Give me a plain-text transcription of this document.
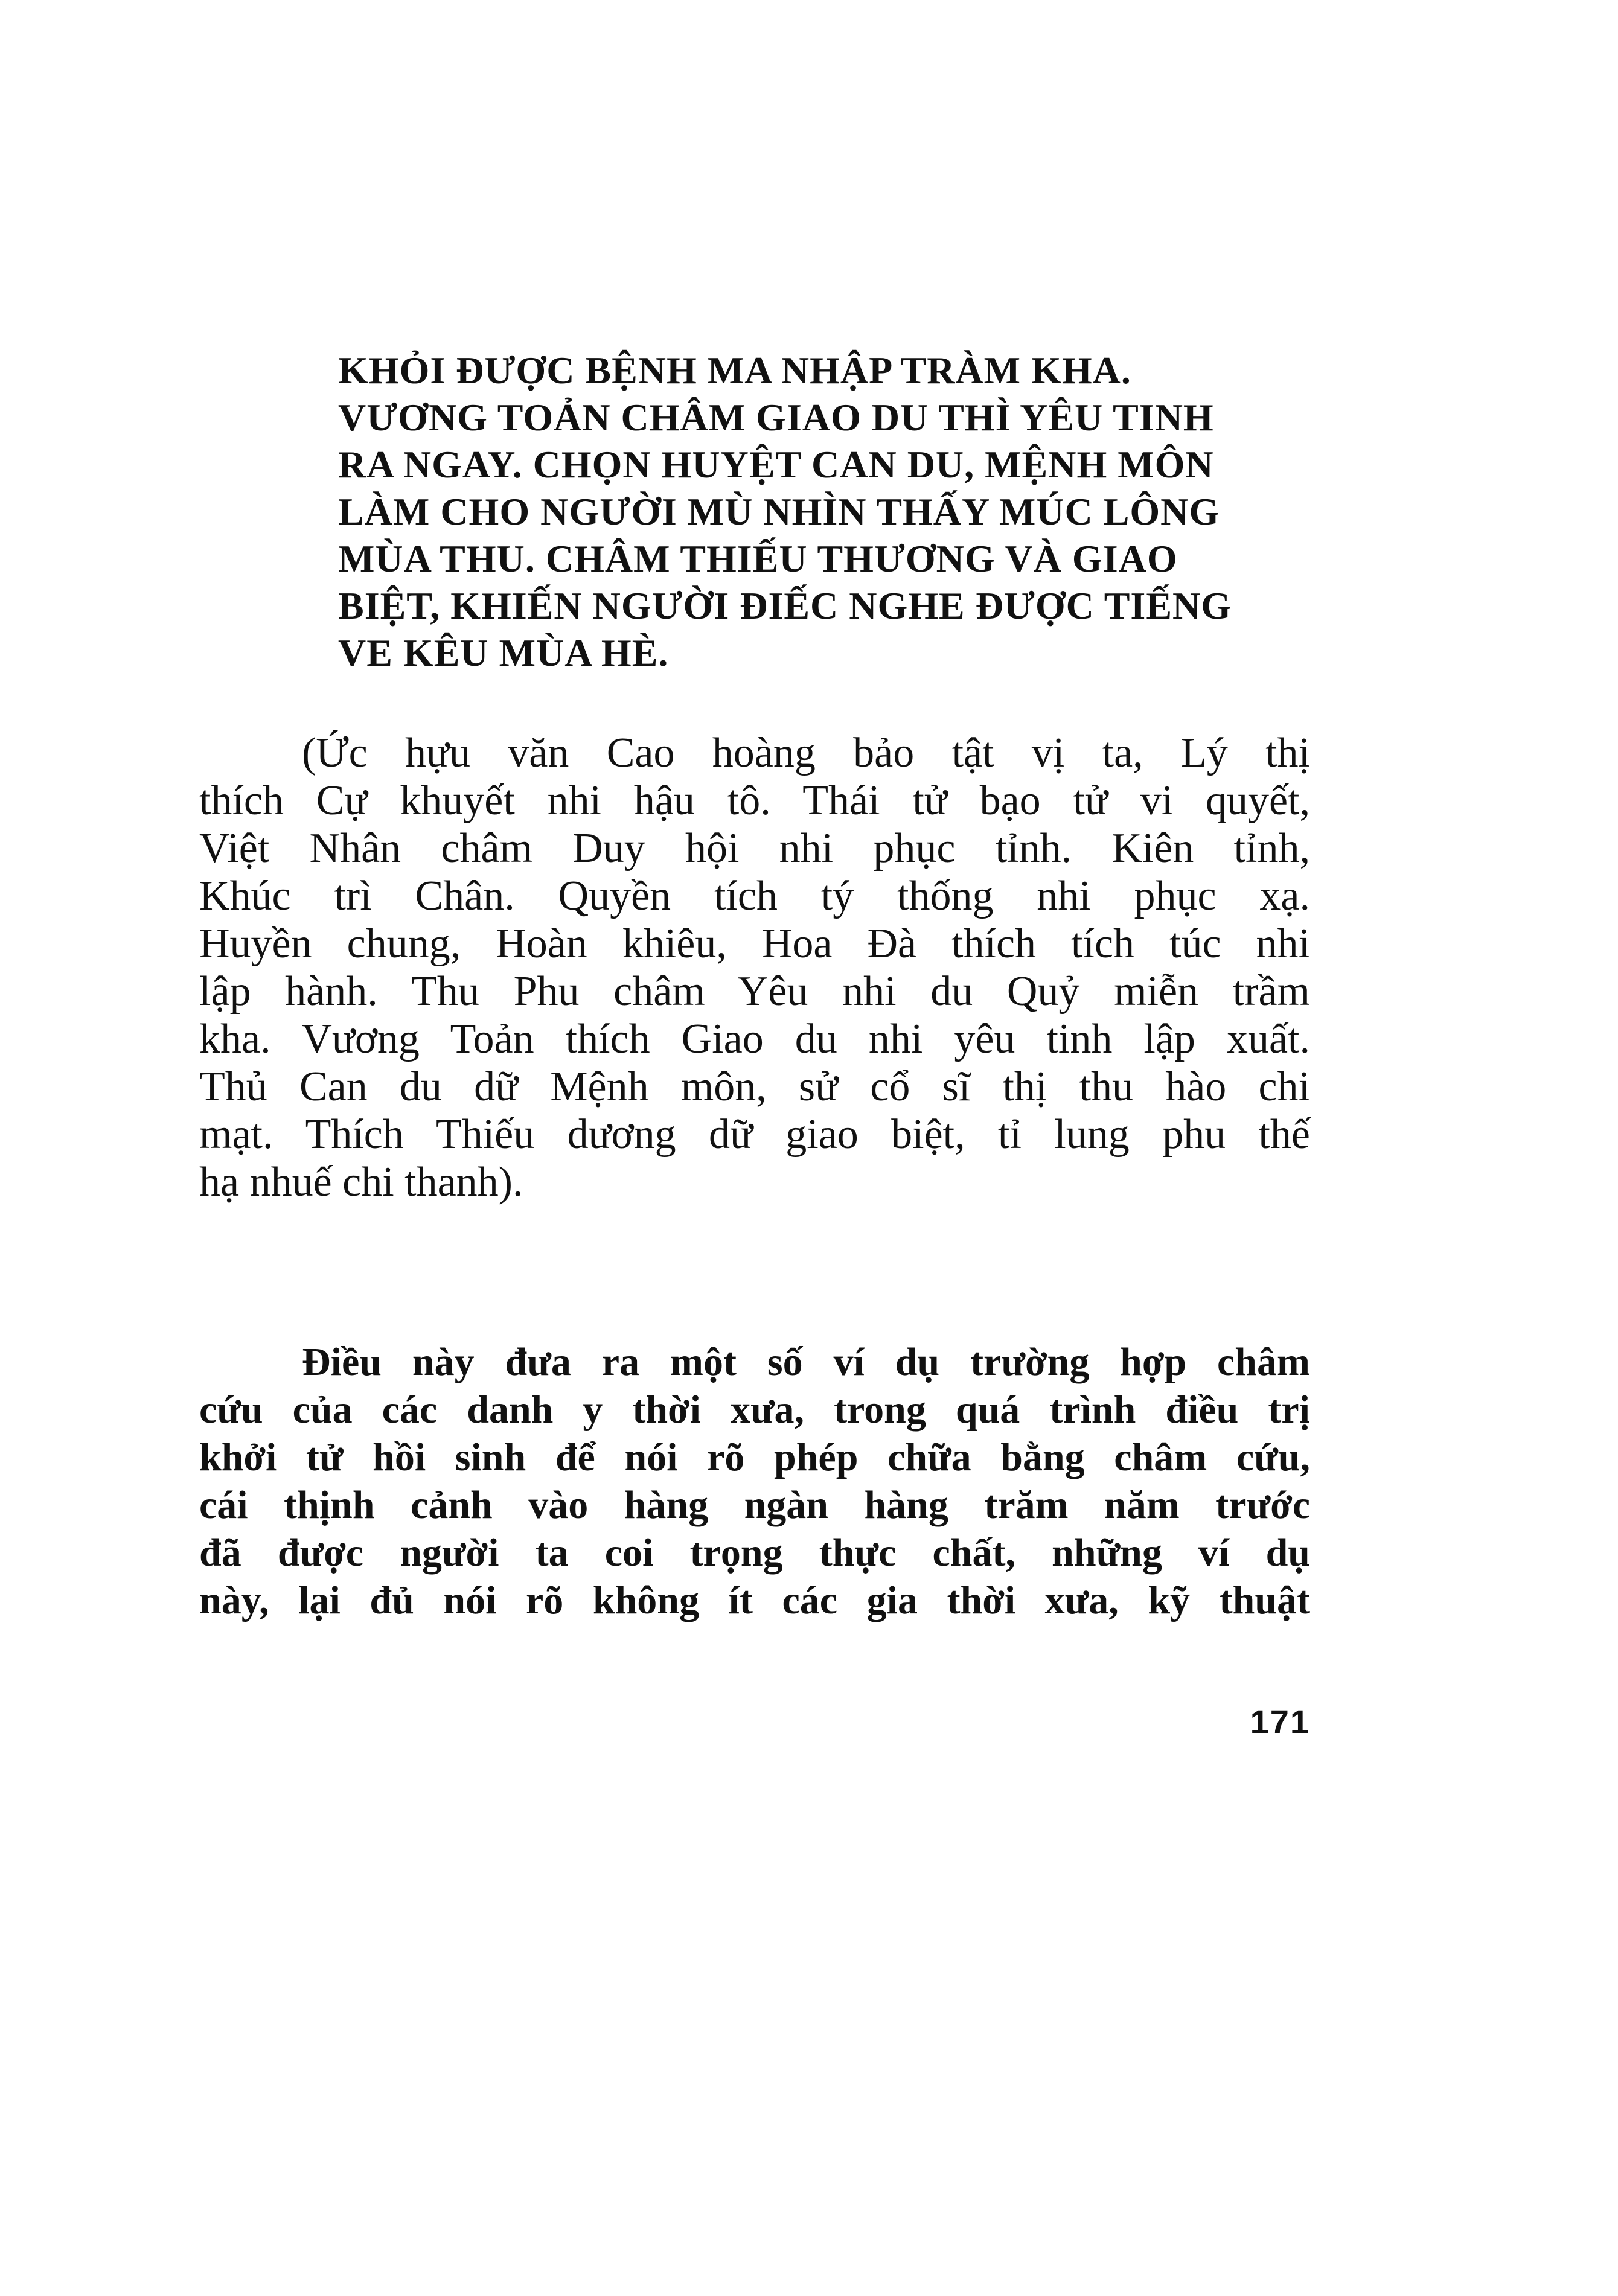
KHỎI ĐƯỢC BỆNH MA NHẬP TRÀM KHA.
VƯƠNG TOẢN CHÂM GIAO DU THÌ YÊU TINH
RA NGAY. CHỌN HUYỆT CAN DU, MỆNH MÔN
LÀM CHO NGƯỜI MÙ NHÌN THẤY MÚC LÔNG
MÙA THU. CHÂM THIẾU THƯƠNG VÀ GIAO
BIỆT, KHIẾN NGƯỜI ĐIẾC NGHE ĐƯỢC TIẾNG
VE KÊU MÙA HÈ.
(Ức hựu văn Cao hoàng bảo tật vị ta, Lý thị
thích Cự khuyết nhi hậu tô. Thái tử bạo tử vi quyết,
Việt Nhân châm Duy hội nhi phục tỉnh. Kiên tỉnh,
Khúc trì Chân. Quyền tích tý thống nhi phục xạ.
Huyền chung, Hoàn khiêu, Hoa Đà thích tích túc nhi
lập hành. Thu Phu châm Yêu nhi du Quỷ miễn trầm
kha. Vương Toản thích Giao du nhi yêu tinh lập xuất.
Thủ Can du dữ Mệnh môn, sử cổ sĩ thị thu hào chi
mạt. Thích Thiếu dương dữ giao biệt, tỉ lung phu thế
hạ nhuế chi thanh).
Điều này đưa ra một số ví dụ trường hợp châm
cứu của các danh y thời xưa, trong quá trình điều trị
khởi tử hồi sinh để nói rõ phép chữa bằng châm cứu,
cái thịnh cảnh vào hàng ngàn hàng trăm năm trước
đã được người ta coi trọng thực chất, những ví dụ
này, lại đủ nói rõ không ít các gia thời xưa, kỹ thuật
171
